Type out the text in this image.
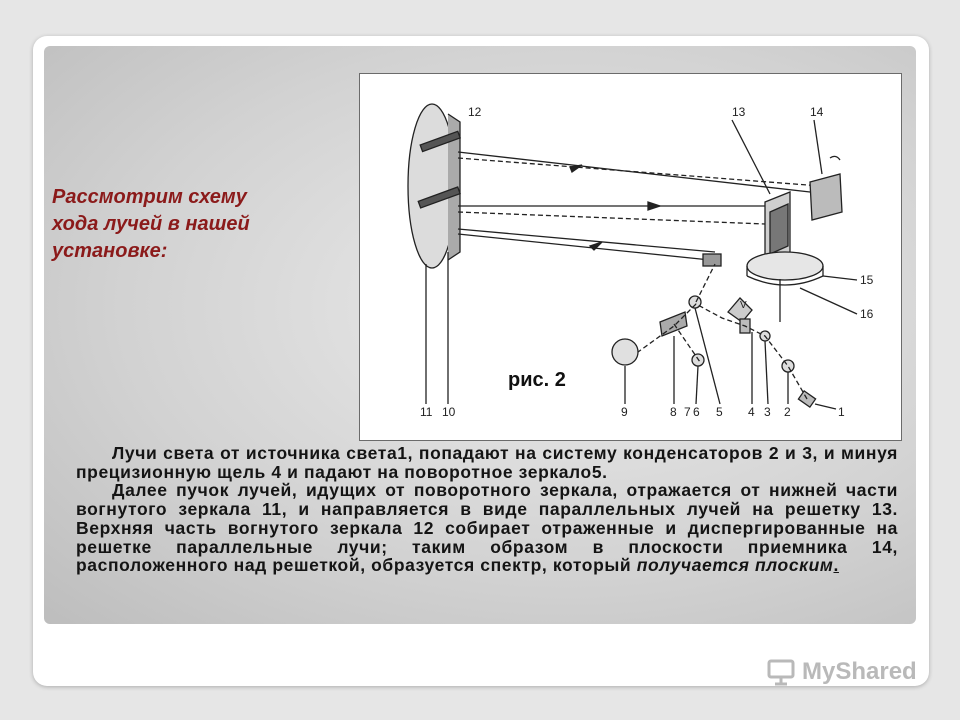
Рассмотрим схему
хода лучей в нашей
установке:
12	13	14
15
16
V
11 10	9	8 7 6 5 4 3 2	1
рис. 2

Лучи света от источника света1, попадают на систему конденсаторов 2 и 3, и минуя прецизионную щель 4 и падают на поворотное зеркало5.

Далее пучок лучей, идущих от поворотного зеркала, отражается от нижней части вогнутого зеркала 11, и направляется в виде параллельных лучей на решетку 13. Верхняя часть вогнутого зеркала 12 собирает отраженные и диспергированные на решетке параллельные лучи; таким образом в плоскости приемника 14, расположенного над решеткой, образуется спектр, который получается плоским.

MyShared
